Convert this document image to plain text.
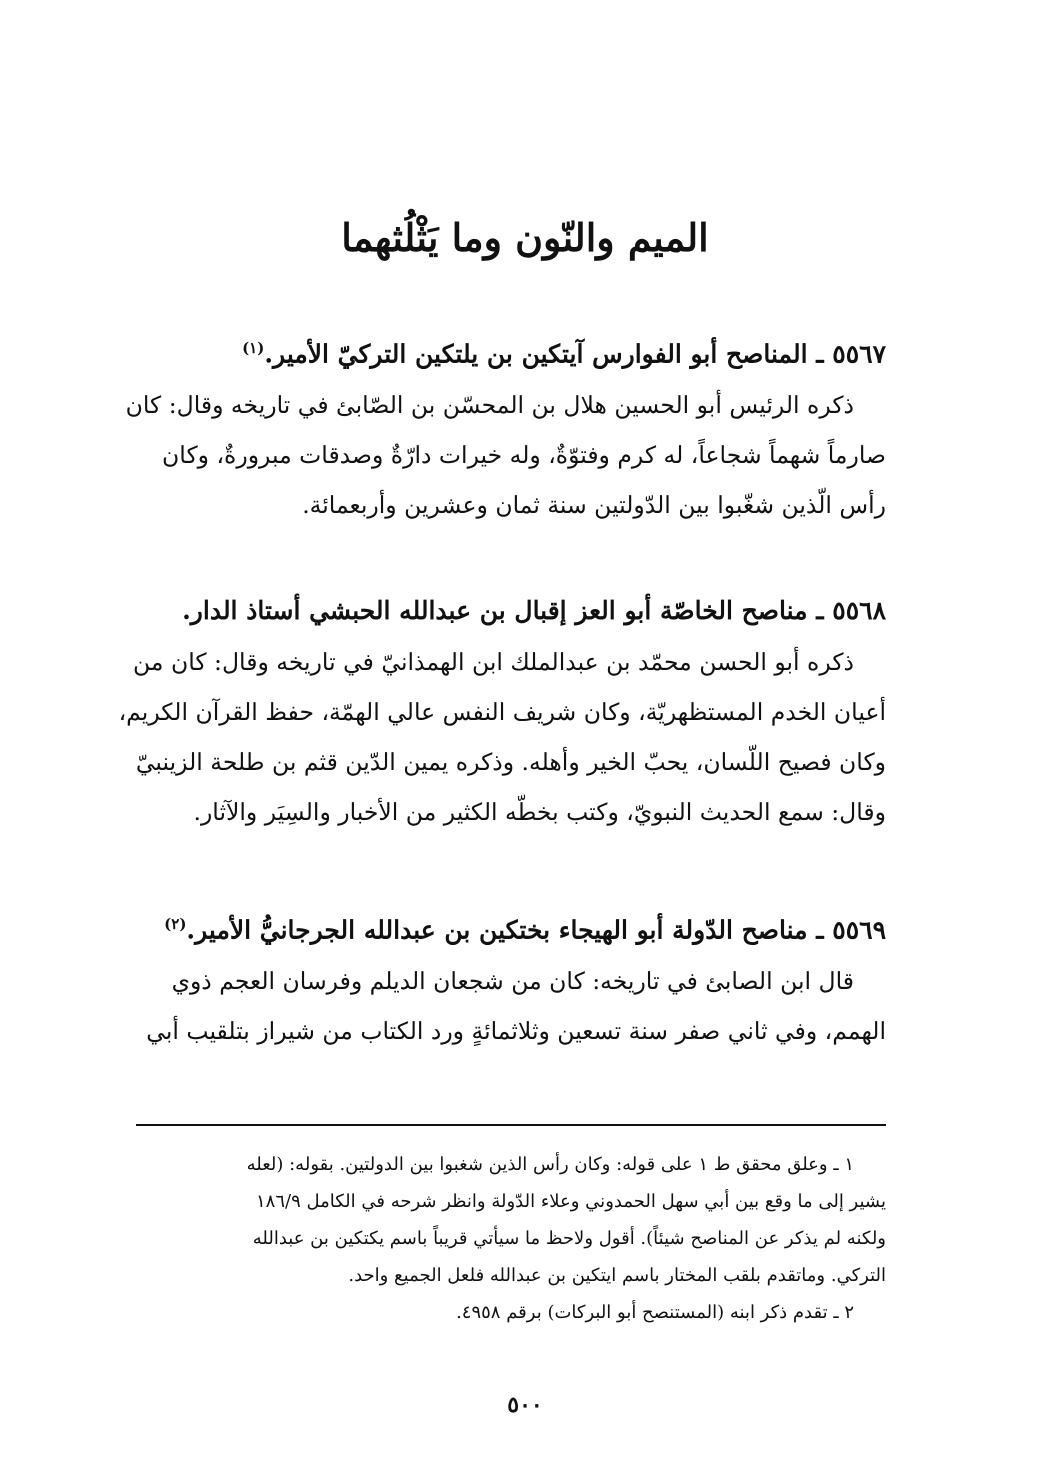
الميم والنّون وما يَثْلُثهما

٥٥٦٧ ـ المناصح أبو الفوارس آيتكين بن يلتكين التركيّ الأمير.$^{(١)}$

ذكره الرئيس أبو الحسين هلال بن المحسّن بن الصّابئ في تاريخه وقال: كان
صارماً شهماً شجاعاً، له كرم وفتوّةٌ، وله خيرات دارّةٌ وصدقات مبرورةٌ، وكان
رأس الّذين شغّبوا بين الدّولتين سنة ثمان وعشرين وأربعمائة.

٥٥٦٨ ـ مناصح الخاصّة أبو العز إقبال بن عبدالله الحبشي أستاذ الدار.

ذكره أبو الحسن محمّد بن عبدالملك ابن الهمذانيّ في تاريخه وقال: كان من
أعيان الخدم المستظهريّة، وكان شريف النفس عالي الهمّة، حفظ القرآن الكريم،
وكان فصيح اللّسان، يحبّ الخير وأهله. وذكره يمين الدّين قثم بن طلحة الزينبيّ
وقال: سمع الحديث النبويّ، وكتب بخطّه الكثير من الأخبار والسِيَر والآثار.

٥٥٦٩ ـ مناصح الدّولة أبو الهيجاء بختكين بن عبدالله الجرجانيُّ الأمير.$^{(٢)}$

قال ابن الصابئ في تاريخه: كان من شجعان الديلم وفرسان العجم ذوي
الهمم، وفي ثاني صفر سنة تسعين وثلاثمائةٍ ورد الكتاب من شيراز بتلقيب أبي

١ ـ وعلق محقق ط ١ على قوله: وكان رأس الذين شغبوا بين الدولتين. بقوله: (لعله
يشير إلى ما وقع بين أبي سهل الحمدوني وعلاء الدّولة وانظر شرحه في الكامل ١٨٦/٩
ولكنه لم يذكر عن المناصح شيئاً). أقول ولاحظ ما سيأتي قريباً باسم يكتكين بن عبدالله
التركي. وماتقدم بلقب المختار باسم ايتكين بن عبدالله فلعل الجميع واحد.
٢ ـ تقدم ذكر ابنه (المستنصح أبو البركات) برقم ٤٩٥٨.
٥٠٠
